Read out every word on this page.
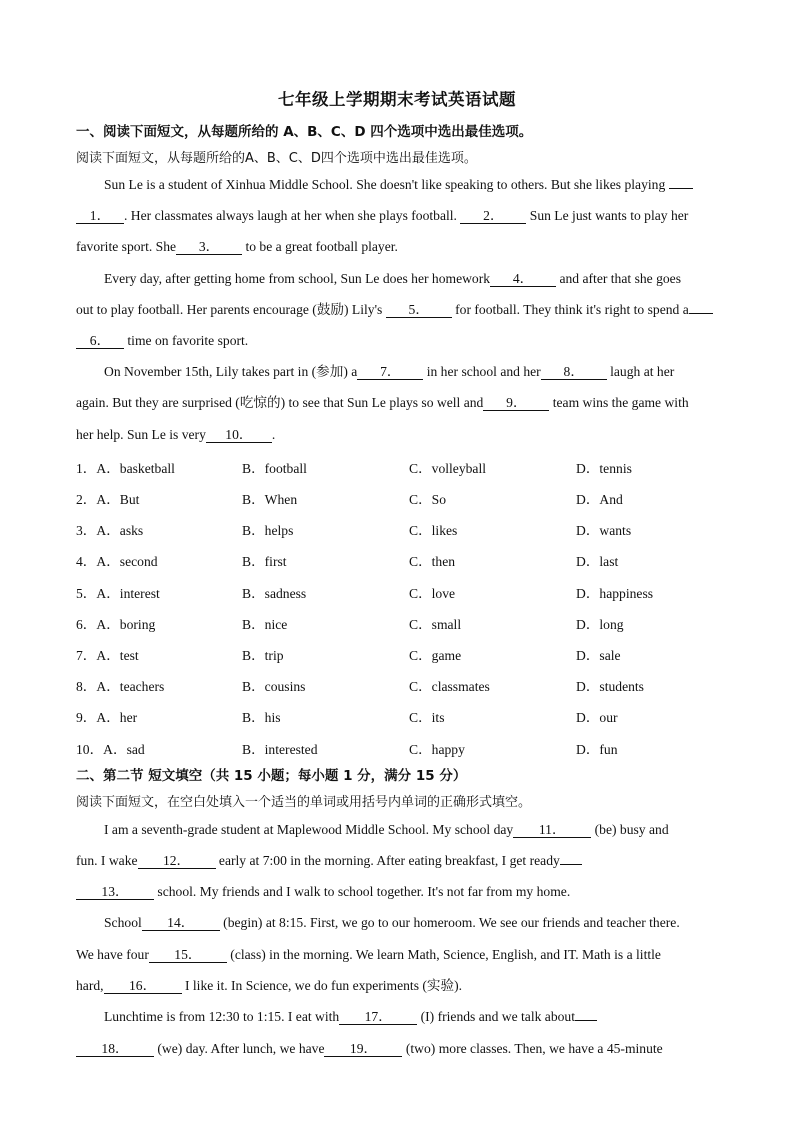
七年级上学期期末考试英语试题
一、阅读下面短文，从每题所给的 A、B、C、D 四个选项中选出最佳选项。
阅读下面短文，从每题所给的A、B、C、D四个选项中选出最佳选项。
Sun Le is a student of Xinhua Middle School. She doesn't like speaking to others. But she likes playing
1． . Her classmates always laugh at her when she plays football. 2． Sun Le just wants to play her
favorite sport. She 3． to be a great football player.
Every day, after getting home from school, Sun Le does her homework 4． and after that she goes
out to play football. Her parents encourage (鼓励) Lily's 5． for football. They think it's right to spend a
6． time on favorite sport.
On November 15th, Lily takes part in (参加) a 7． in her school and her 8． laugh at her
again. But they are surprised (吃惊的) to see that Sun Le plays so well and 9． team wins the game with
her help. Sun Le is very 10． .
1．A．basketball	B．football	C．volleyball	D．tennis
2．A．But	B．When	C．So	D．And
3．A．asks	B．helps	C．likes	D．wants
4．A．second	B．first	C．then	D．last
5．A．interest	B．sadness	C．love	D．happiness
6．A．boring	B．nice	C．small	D．long
7．A．test	B．trip	C．game	D．sale
8．A．teachers	B．cousins	C．classmates	D．students
9．A．her	B．his	C．its	D．our
10．A．sad	B．interested	C．happy	D．fun
二、第二节 短文填空（共 15 小题；每小题 1 分，满分 15 分）
阅读下面短文，在空白处填入一个适当的单词或用括号内单词的正确形式填空。
I am a seventh-grade student at Maplewood Middle School. My school day 11． (be) busy and
fun. I wake 12． early at 7:00 in the morning. After eating breakfast, I get ready
13． school. My friends and I walk to school together. It's not far from my home.
School 14． (begin) at 8:15. First, we go to our homeroom. We see our friends and teacher there.
We have four 15． (class) in the morning. We learn Math, Science, English, and IT. Math is a little
hard, 16． I like it. In Science, we do fun experiments (实验).
Lunchtime is from 12:30 to 1:15. I eat with 17． (I) friends and we talk about
18． (we) day. After lunch, we have 19． (two) more classes. Then, we have a 45-minute
